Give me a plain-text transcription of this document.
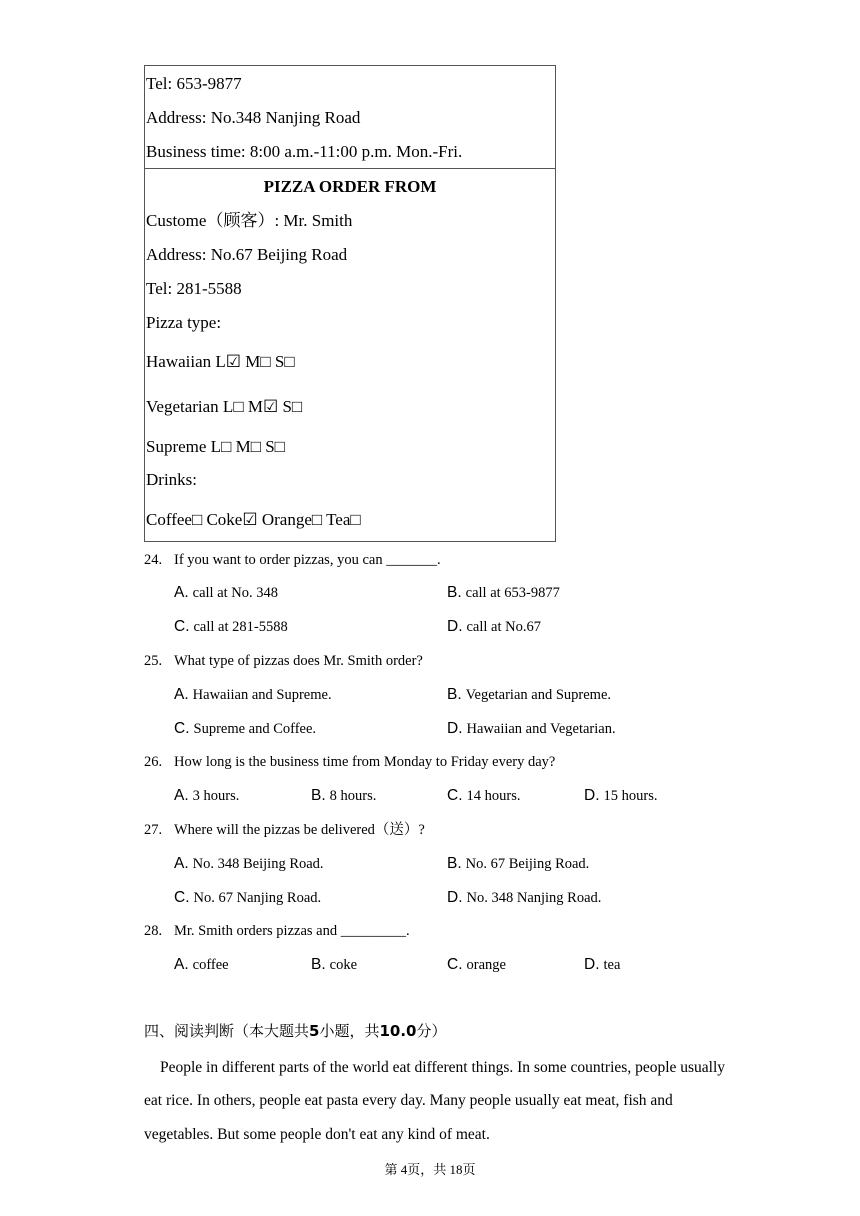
Tel: 653-9877
Address: No.348 Nanjing Road
Business time: 8:00 a.m.-11:00 p.m. Mon.-Fri.
PIZZA ORDER FROM
Custome（顾客）: Mr. Smith
Address: No.67 Beijing Road
Tel: 281-5588
Pizza type:
Hawaiian L☑ M□ S□
Vegetarian L□ M☑ S□
Supreme L□ M□ S□
Drinks:
Coffee□ Coke☑ Orange□ Tea□
24. If you want to order pizzas, you can _______.
A. call at No. 348	B. call at 653-9877
C. call at 281-5588	D. call at No.67
25. What type of pizzas does Mr. Smith order?
A. Hawaiian and Supreme.	B. Vegetarian and Supreme.
C. Supreme and Coffee.	D. Hawaiian and Vegetarian.
26. How long is the business time from Monday to Friday every day?
A. 3 hours.	B. 8 hours.	C. 14 hours.	D. 15 hours.
27. Where will the pizzas be delivered（送）?
A. No. 348 Beijing Road.	B. No. 67 Beijing Road.
C. No. 67 Nanjing Road.	D. No. 348 Nanjing Road.
28. Mr. Smith orders pizzas and _________.
A. coffee	B. coke	C. orange	D. tea
四、阅读判断（本大题共5小题，共10.0分）
People in different parts of the world eat different things. In some countries, people usually
eat rice. In others, people eat pasta every day. Many people usually eat meat, fish and
vegetables. But some people don't eat any kind of meat.
第 4页，共 18页
